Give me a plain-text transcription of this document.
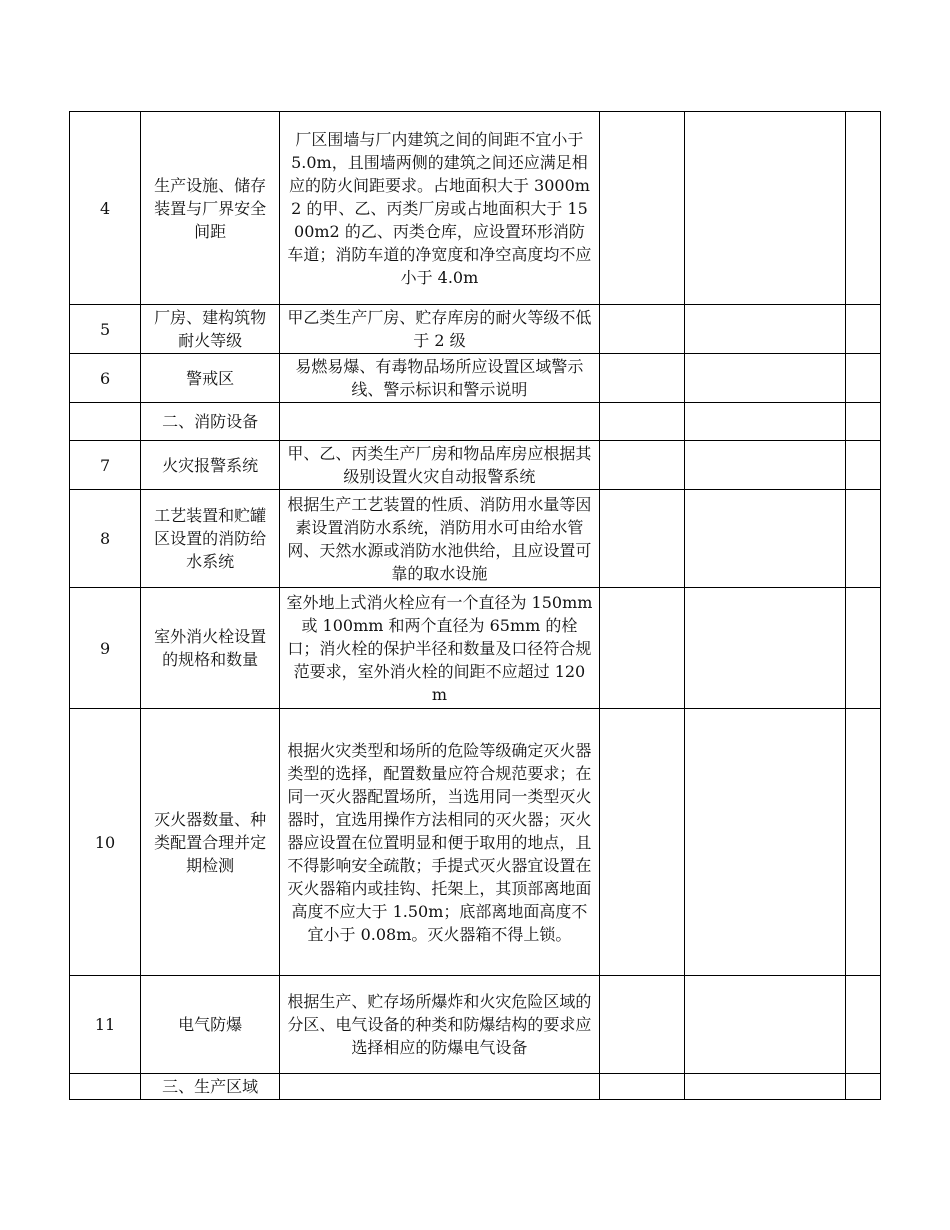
4	生产设施、储存装置与厂界安全间距	厂区围墙与厂内建筑之间的间距不宜小于 5.0m，且围墙两侧的建筑之间还应满足相应的防火间距要求。占地面积大于 3000m2 的甲、乙、丙类厂房或占地面积大于 1500m2 的乙、丙类仓库，应设置环形消防车道；消防车道的净宽度和净空高度均不应小于 4.0m			
5	厂房、建构筑物耐火等级	甲乙类生产厂房、贮存库房的耐火等级不低于 2 级			
6	警戒区	易燃易爆、有毒物品场所应设置区域警示线、警示标识和警示说明			
	二、消防设备				
7	火灾报警系统	甲、乙、丙类生产厂房和物品库房应根据其级别设置火灾自动报警系统			
8	工艺装置和贮罐区设置的消防给水系统	根据生产工艺装置的性质、消防用水量等因素设置消防水系统，消防用水可由给水管网、天然水源或消防水池供给，且应设置可靠的取水设施			
9	室外消火栓设置的规格和数量	室外地上式消火栓应有一个直径为 150mm 或 100mm 和两个直径为 65mm 的栓口；消火栓的保护半径和数量及口径符合规范要求，室外消火栓的间距不应超过 120m			
10	灭火器数量、种类配置合理并定期检测	根据火灾类型和场所的危险等级确定灭火器类型的选择，配置数量应符合规范要求；在同一灭火器配置场所，当选用同一类型灭火器时，宜选用操作方法相同的灭火器；灭火器应设置在位置明显和便于取用的地点，且不得影响安全疏散；手提式灭火器宜设置在灭火器箱内或挂钩、托架上，其顶部离地面高度不应大于 1.50m；底部离地面高度不宜小于 0.08m。灭火器箱不得上锁。			
11	电气防爆	根据生产、贮存场所爆炸和火灾危险区域的分区、电气设备的种类和防爆结构的要求应选择相应的防爆电气设备			
	三、生产区域				
